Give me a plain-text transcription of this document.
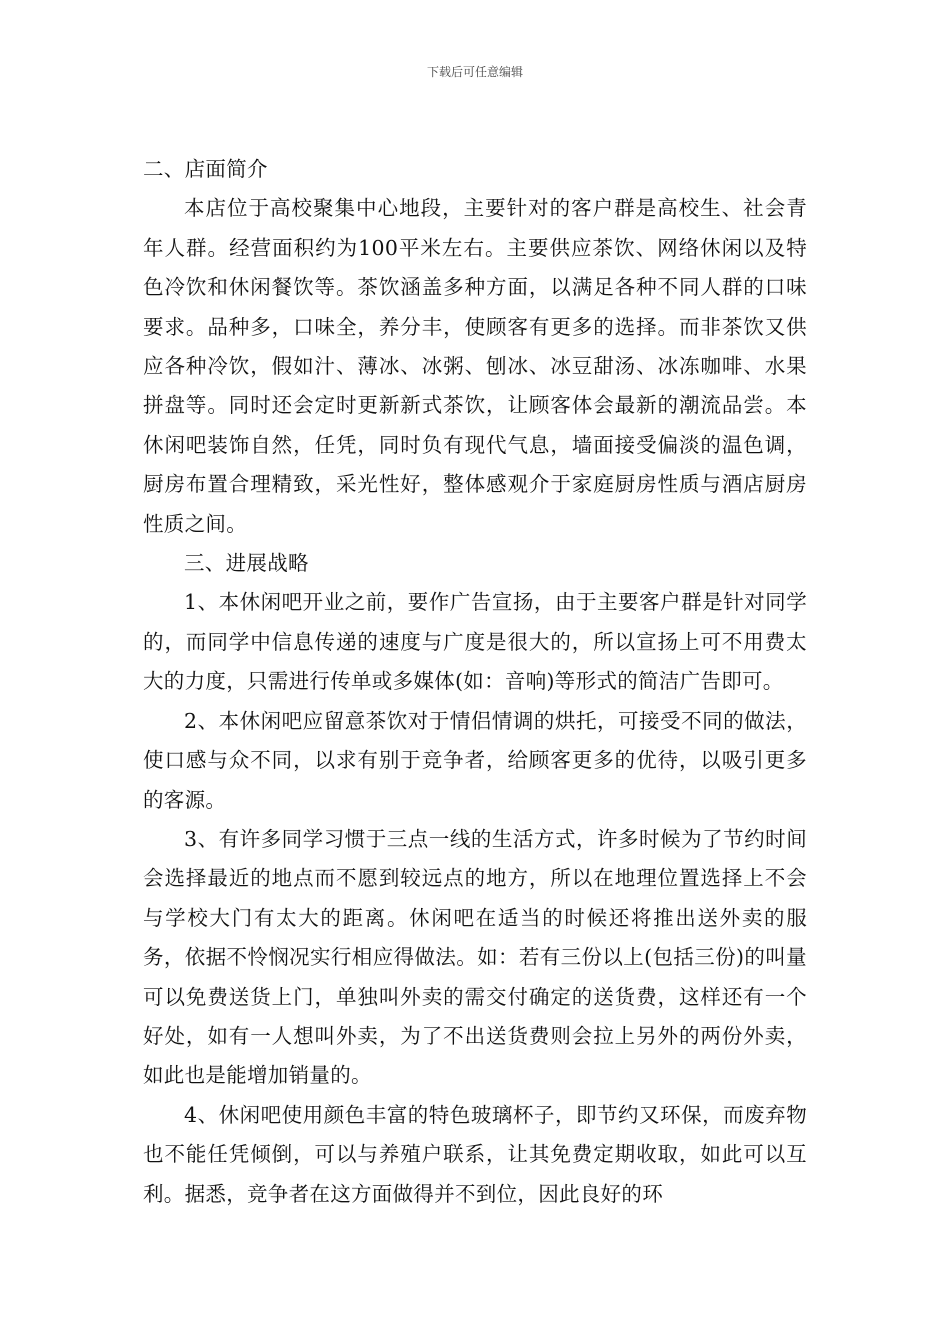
下载后可任意编辑

二、店面简介

本店位于高校聚集中心地段，主要针对的客户群是高校生、社会青年人群。经营面积约为100平米左右。主要供应茶饮、网络休闲以及特色冷饮和休闲餐饮等。茶饮涵盖多种方面，以满足各种不同人群的口味要求。品种多，口味全，养分丰，使顾客有更多的选择。而非茶饮又供应各种冷饮，假如汁、薄冰、冰粥、刨冰、冰豆甜汤、冰冻咖啡、水果拼盘等。同时还会定时更新新式茶饮，让顾客体会最新的潮流品尝。本休闲吧装饰自然，任凭，同时负有现代气息，墙面接受偏淡的温色调，厨房布置合理精致，采光性好，整体感观介于家庭厨房性质与酒店厨房性质之间。

三、进展战略

1、本休闲吧开业之前，要作广告宣扬，由于主要客户群是针对同学的，而同学中信息传递的速度与广度是很大的，所以宣扬上可不用费太大的力度，只需进行传单或多媒体(如：音响)等形式的简洁广告即可。

2、本休闲吧应留意茶饮对于情侣情调的烘托，可接受不同的做法，使口感与众不同，以求有别于竞争者，给顾客更多的优待，以吸引更多的客源。

3、有许多同学习惯于三点一线的生活方式，许多时候为了节约时间会选择最近的地点而不愿到较远点的地方，所以在地理位置选择上不会与学校大门有太大的距离。休闲吧在适当的时候还将推出送外卖的服务，依据不怜悯况实行相应得做法。如：若有三份以上(包括三份)的叫量可以免费送货上门，单独叫外卖的需交付确定的送货费，这样还有一个好处，如有一人想叫外卖，为了不出送货费则会拉上另外的两份外卖，如此也是能增加销量的。

4、休闲吧使用颜色丰富的特色玻璃杯子，即节约又环保，而废弃物也不能任凭倾倒，可以与养殖户联系，让其免费定期收取，如此可以互利。据悉，竞争者在这方面做得并不到位，因此良好的环
